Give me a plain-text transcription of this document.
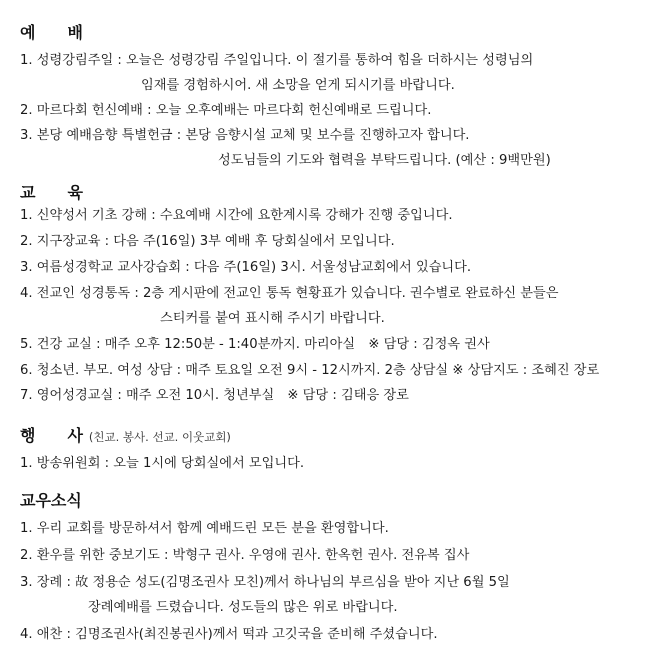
예　　배
1. 성령강림주일 : 오늘은 성령강림 주일입니다. 이 절기를 통하여 힘을 더하시는 성령님의
임재를 경험하시어. 새 소망을 얻게 되시기를 바랍니다.
2. 마르다회 헌신예배 : 오늘 오후예배는 마르다회 헌신예배로 드립니다.
3. 본당 예배음향 특별헌금 : 본당 음향시설 교체 및 보수를 진행하고자 합니다.
성도님들의 기도와 협력을 부탁드립니다. (예산 : 9백만원)
교　　육
1. 신약성서 기초 강해 : 수요예배 시간에 요한계시록 강해가 진행 중입니다.
2. 지구장교육 : 다음 주(16일) 3부 예배 후 당회실에서 모입니다.
3. 여름성경학교 교사강습회 : 다음 주(16일) 3시. 서울성남교회에서 있습니다.
4. 전교인 성경통독 : 2층 게시판에 전교인 통독 현황표가 있습니다. 권수별로 완료하신 분들은
스티커를 붙여 표시해 주시기 바랍니다.
5. 건강 교실 : 매주 오후 12:50분 - 1:40분까지. 마리아실　※ 담당 : 김정옥 권사
6. 청소년. 부모. 여성 상담 : 매주 토요일 오전 9시 - 12시까지. 2층 상담실 ※ 상담지도 : 조혜진 장로
7. 영어성경교실 : 매주 오전 10시. 청년부실　※ 담당 : 김태응 장로
행　　사 (친교. 봉사. 선교. 이웃교회)
1. 방송위원회 : 오늘 1시에 당회실에서 모입니다.
교우소식
1. 우리 교회를 방문하셔서 함께 예배드린 모든 분을 환영합니다.
2. 환우를 위한 중보기도 : 박형구 권사. 우영애 권사. 한옥헌 권사. 전유복 집사
3. 장례 : 故 정용순 성도(김명조권사 모친)께서 하나님의 부르심을 받아 지난 6월 5일
장례예배를 드렸습니다. 성도들의 많은 위로 바랍니다.
4. 애찬 : 김명조권사(최진봉권사)께서 떡과 고깃국을 준비해 주셨습니다.
